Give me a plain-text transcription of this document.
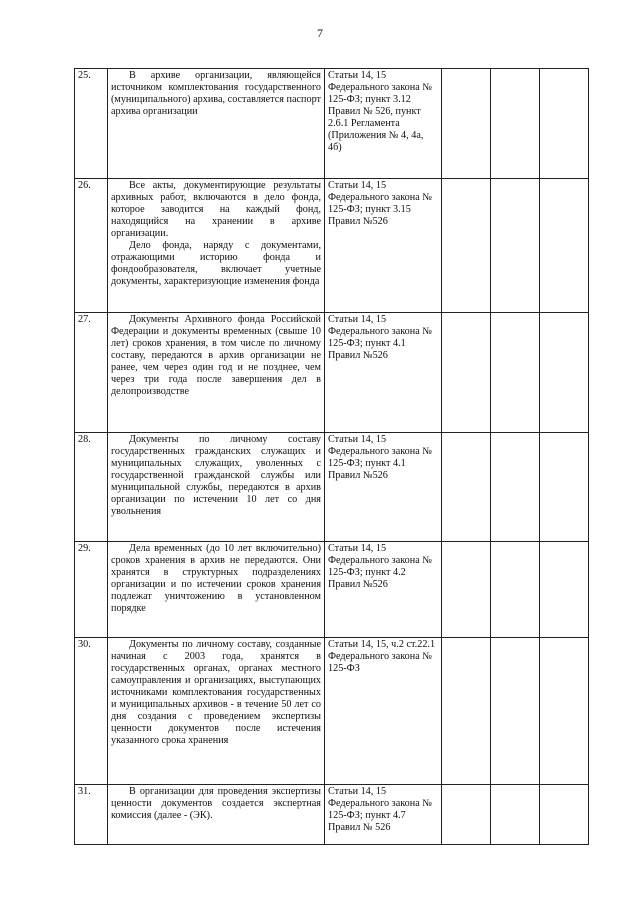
7
25.	В архиве организации, являющейся источником комплектования государственного (муниципального) архива, составляется паспорт архива организации	Статьи 14, 15 Федерального закона № 125-ФЗ; пункт 3.12 Правил № 526, пункт 2.6.1 Регламента (Приложения № 4, 4а, 4б)			
26.	Все акты, документирующие результаты архивных работ, включаются в дело фонда, которое заводится на каждый фонд, находящийся на хранении в архиве организации.

Дело фонда, наряду с документами, отражающими историю фонда и фондообразователя, включает учетные документы, характеризующие изменения фонда	Статьи 14, 15 Федерального закона № 125-ФЗ; пункт 3.15 Правил №526			
27.	Документы Архивного фонда Российской Федерации и документы временных (свыше 10 лет) сроков хранения, в том числе по личному составу, передаются в архив организации не ранее, чем через один год и не позднее, чем через три года после завершения дел в делопроизводстве	Статьи 14, 15 Федерального закона № 125-ФЗ; пункт 4.1 Правил №526			
28.	Документы по личному составу государственных гражданских служащих и муниципальных служащих, уволенных с государственной гражданской службы или муниципальной службы, передаются в архив организации по истечении 10 лет со дня увольнения	Статьи 14, 15 Федерального закона № 125-ФЗ; пункт 4.1 Правил №526			
29.	Дела временных (до 10 лет включительно) сроков хранения в архив не передаются. Они хранятся в структурных подразделениях организации и по истечении сроков хранения подлежат уничтожению в установленном порядке	Статьи 14, 15 Федерального закона № 125-ФЗ; пункт 4.2 Правил №526			
30.	Документы по личному составу, созданные начиная с 2003 года, хранятся в государственных органах, органах местного самоуправления и организациях, выступающих источниками комплектования государственных и муниципальных архивов - в течение 50 лет со дня создания с проведением экспертизы ценности документов после истечения указанного срока хранения	Статьи 14, 15, ч.2 ст.22.1 Федерального закона № 125-ФЗ			
31.	В организации для проведения экспертизы ценности документов создается экспертная комиссия (далее - (ЭК).	Статьи 14, 15 Федерального закона № 125-ФЗ; пункт 4.7 Правил № 526			
